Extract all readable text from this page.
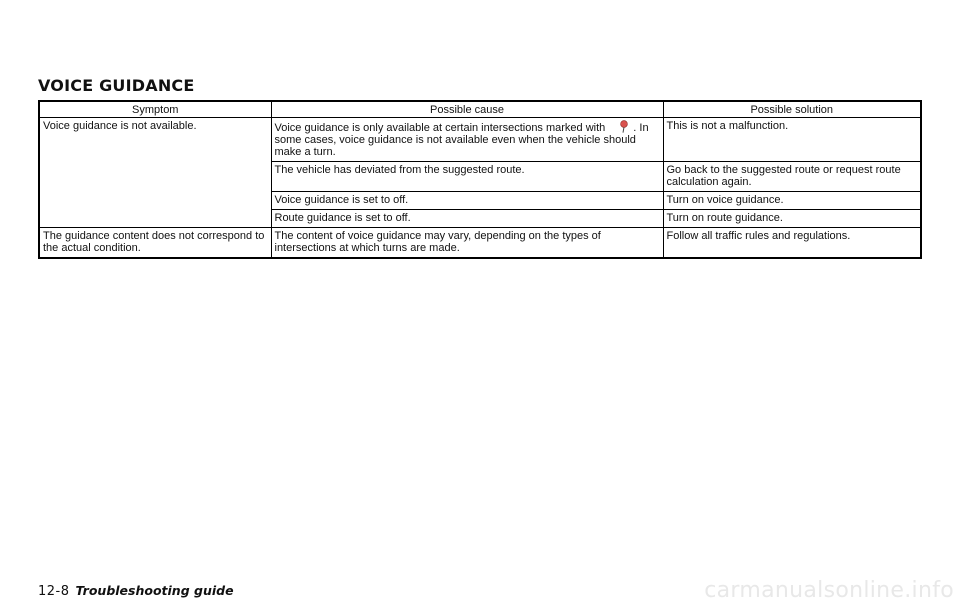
VOICE GUIDANCE
Symptom	Possible cause	Possible solution
Voice guidance is not available.	Voice guidance is only available at certain intersections marked with . In some cases, voice guidance is not available even when the vehicle should make a turn.	This is not a malfunction.
	The vehicle has deviated from the suggested route.	Go back to the suggested route or request route calculation again.
	Voice guidance is set to off.	Turn on voice guidance.
	Route guidance is set to off.	Turn on route guidance.
The guidance content does not correspond to the actual condition.	The content of voice guidance may vary, depending on the types of intersections at which turns are made.	Follow all traffic rules and regulations.
12-8 Troubleshooting guide	carmanualsonline.info
